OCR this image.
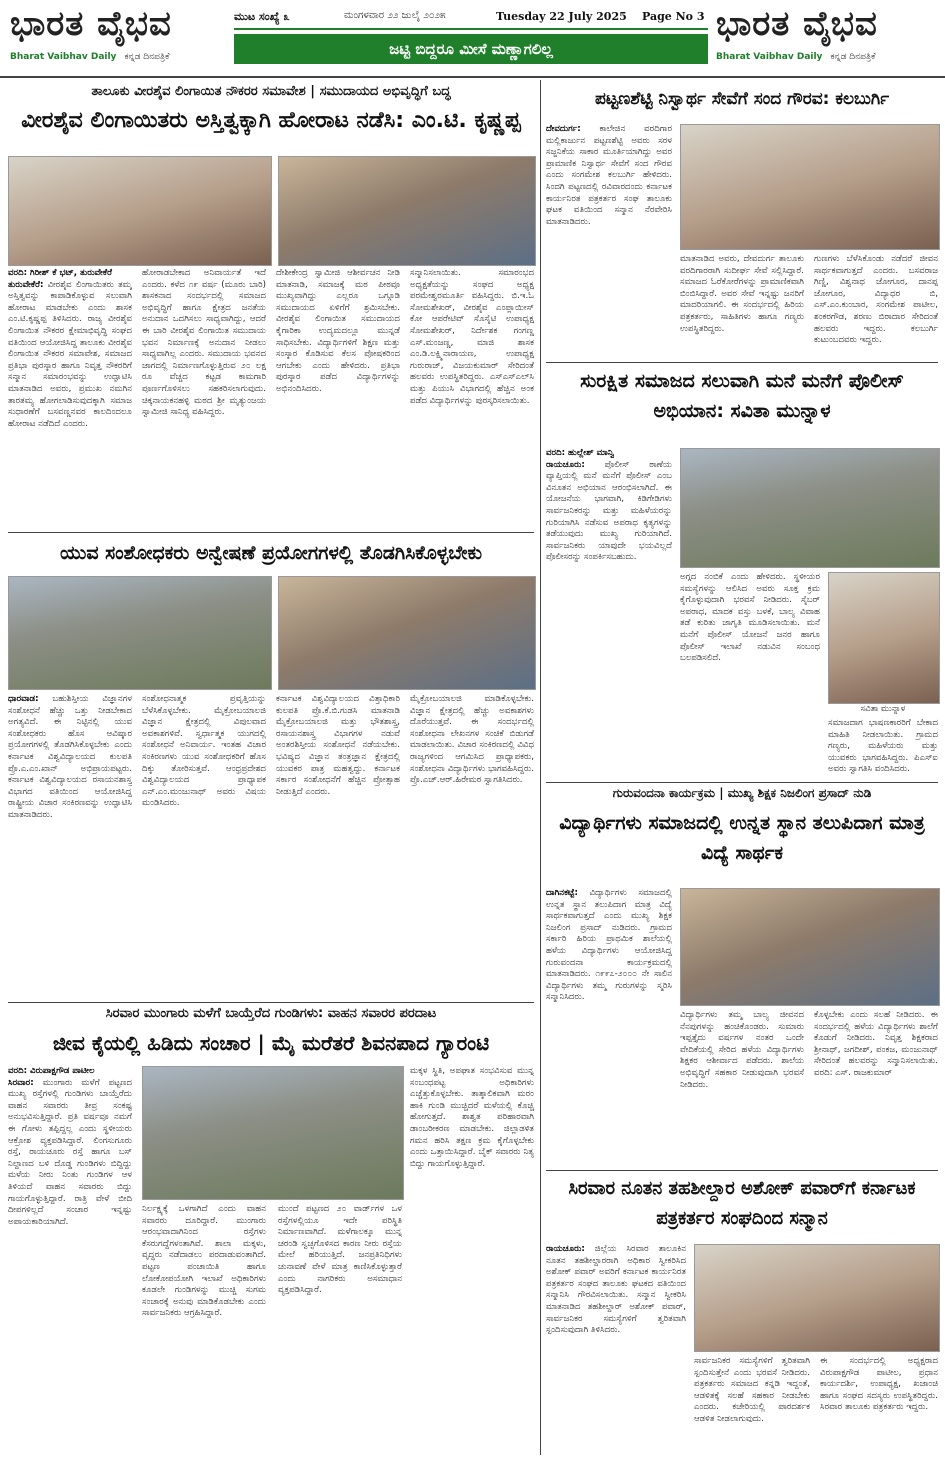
ಭಾರತ ವೈಭವ
Bharat Vaibhav Daily ಕನ್ನಡ ದಿನಪತ್ರಿಕೆ
ಮುಟ ಸಂಖ್ಯೆ ೩	ಮಂಗಳವಾರ ೨೨ ಜುಲೈ ೨೦೨೫	Tuesday 22 July 2025 Page No 3
ಜಟ್ಟಿ ಬಿದ್ದರೂ ಮೀಸೆ ಮಣ್ಣಾಗಲಿಲ್ಲ
ಭಾರತ ವೈಭವ
Bharat Vaibhav Daily ಕನ್ನಡ ದಿನಪತ್ರಿಕೆ
ತಾಲೂಕು ವೀರಶೈವ ಲಿಂಗಾಯಿತ ನೌಕರರ ಸಮಾವೇಶ | ಸಮುದಾಯದ ಅಭಿವೃದ್ಧಿಗೆ ಬದ್ಧ
ವೀರಶೈವ ಲಿಂಗಾಯಿತರು ಅಸ್ತಿತ್ವಕ್ಕಾಗಿ ಹೋರಾಟ ನಡೆಸಿ: ಎಂ.ಟಿ. ಕೃಷ್ಣಪ್ಪ
ವರದಿ: ಗಿರೀಶ್ ಕೆ ಭಟ್, ತುರುವೇಕೆರೆ
ತುರುವೇಕೆರೆ: ವೀರಶೈವ ಲಿಂಗಾಯಿತರು ತಮ್ಮ ಅಸ್ತಿತ್ವವನ್ನು ಕಾಪಾಡಿಕೊಳ್ಳುವ ಸಲುವಾಗಿ ಹೋರಾಟ ಮಾಡಬೇಕು ಎಂದು ಶಾಸಕ ಎಂ.ಟಿ.ಕೃಷ್ಣಪ್ಪ ತಿಳಿಸಿದರು. ರಾಜ್ಯ ವೀರಶೈವ ಲಿಂಗಾಯಿತ ನೌಕರರ ಕ್ಷೇಮಾಭಿವೃದ್ಧಿ ಸಂಘದ ವತಿಯಿಂದ ಆಯೋಜಿಸಿದ್ದ ತಾಲೂಕು ವೀರಶೈವ ಲಿಂಗಾಯಿತ ನೌಕರರ ಸಮಾವೇಶ, ಸಮಾಜದ ಪ್ರತಿಭಾ ಪುರಸ್ಕಾರ ಹಾಗೂ ನಿವೃತ್ತ ನೌಕರರಿಗೆ ಸನ್ಮಾನ ಸಮಾರಂಭವನ್ನು ಉದ್ಘಾಟಿಸಿ ಮಾತನಾಡಿದ ಅವರು, ಪ್ರಮುಖ ನಮಗಿನ ತಾರತಮ್ಯ ಹೋಗಲಾಡಿಸುವುದಕ್ಕಾಗಿ ಸಮಾಜ ಸುಧಾರಣೆಗೆ ಬಸವಣ್ಣನವರ ಕಾಲದಿಂದಲೂ ಹೋರಾಟ ನಡೆದಿದೆ ಎಂದರು.
ಹೋರಾಡಬೇಕಾದ ಅನಿವಾರ್ಯತೆ ಇದೆ ಎಂದರು. ಕಳೆದ ೧೯ ವರ್ಷ (ಮೂರು ಬಾರಿ) ಶಾಸಕನಾದ ಸಂದರ್ಭದಲ್ಲಿ ಸಮಾಜದ ಅಭಿವೃದ್ಧಿಗೆ ಹಾಗೂ ಕ್ಷೇತ್ರದ ಜನತೆಯ ಅನುದಾನ ಒದಗಿಸಲು ಸಾಧ್ಯವಾಗಿದ್ದು, ಆದರೆ ಈ ಬಾರಿ ವೀರಶೈವ ಲಿಂಗಾಯಿತ ಸಮುದಾಯ ಭವನ ನಿರ್ಮಾಣಕ್ಕೆ ಅನುದಾನ ನೀಡಲು ಸಾಧ್ಯವಾಗಿಲ್ಲ ಎಂದರು. ಸಮುದಾಯ ಭವನದ ಜಾಗದಲ್ಲಿ ನಿರ್ಮಾಣಗೊಳ್ಳುತ್ತಿರುವ ೨೦ ಲಕ್ಷ ರೂ ವೆಚ್ಚದ ಕಟ್ಟಡ ಕಾಮಗಾರಿ ಪೂರ್ಣಗೊಳಿಸಲು ಸಹಕರಿಸಲಾಗುವುದು. ಚಿಕ್ಕನಾಯಕನಹಳ್ಳಿ ಮಠದ ಶ್ರೀ ಮೃತ್ಯುಂಜಯ ಸ್ವಾಮೀಜಿ ಸಾನಿಧ್ಯ ವಹಿಸಿದ್ದರು.
ದೇಶೀಕೇಂದ್ರ ಸ್ವಾಮೀಜಿ ಆಶೀರ್ವಚನ ನೀಡಿ ಮಾತನಾಡಿ, ಸಮಾಜಕ್ಕೆ ಮಠ ಪೀಠವೂ ಮುಖ್ಯವಾಗಿದ್ದು ಎಲ್ಲರೂ ಒಗ್ಗೂಡಿ ಸಮುದಾಯದ ಏಳಿಗೆಗೆ ಶ್ರಮಿಸಬೇಕು. ವೀರಶೈವ ಲಿಂಗಾಯಿತ ಸಮುದಾಯದ ಕೈಗಾರಿಕಾ ಉದ್ಯಮದಲ್ಲೂ ಮುನ್ನಡೆ ಸಾಧಿಸಬೇಕು. ವಿದ್ಯಾರ್ಥಿಗಳಿಗೆ ಶಿಕ್ಷಣ ಮತ್ತು ಸಂಸ್ಕಾರ ಕೊಡಿಸುವ ಕೆಲಸ ಪೋಷಕರಿಂದ ಆಗಬೇಕು ಎಂದು ಹೇಳಿದರು. ಪ್ರತಿಭಾ ಪುರಸ್ಕಾರ ಪಡೆದ ವಿದ್ಯಾರ್ಥಿಗಳನ್ನು ಅಭಿನಂದಿಸಿದರು.
ಸನ್ಮಾನಿಸಲಾಯಿತು. ಸಮಾರಂಭದ ಅಧ್ಯಕ್ಷತೆಯನ್ನು ಸಂಘದ ಅಧ್ಯಕ್ಷ ಪರಮೇಶ್ವರಮೂರ್ತಿ ವಹಿಸಿದ್ದರು. ಬಿ.ಇ.ಓ ಸೋಮಶೇಖರ್, ವೀರಶೈವ ಎಂಪ್ಲಾಯೀಸ್ ಕೋ ಆಪರೇಟಿವ್ ಸೊಸೈಟಿ ಉಪಾಧ್ಯಕ್ಷ ಸೋಮಶೇಖರ್, ನಿರ್ದೇಶಕ ಗಂಗಣ್ಣ ಎಸ್.ಮಂಜಣ್ಣ, ಮಾಜಿ ಶಾಸಕ ಎಂ.ಡಿ.ಲಕ್ಷ್ಮಿನಾರಾಯಣ, ಉಪಾಧ್ಯಕ್ಷ ಗುರುರಾಜ್, ವಿಜಯಕುಮಾರ್ ಸೇರಿದಂತೆ ಹಲವರು ಉಪಸ್ಥಿತರಿದ್ದರು. ಎಸ್ಎಸ್ಎಲ್‌ಸಿ ಮತ್ತು ಪಿಯುಸಿ ವಿಭಾಗದಲ್ಲಿ ಹೆಚ್ಚಿನ ಅಂಕ ಪಡೆದ ವಿದ್ಯಾರ್ಥಿಗಳನ್ನು ಪುರಸ್ಕರಿಸಲಾಯಿತು.
ಯುವ ಸಂಶೋಧಕರು ಅನ್ವೇಷಣೆ ಪ್ರಯೋಗಗಳಲ್ಲಿ ತೊಡಗಿಸಿಕೊಳ್ಳಬೇಕು
ಧಾರವಾಡ: ಬಹುಶಿಸ್ತೀಯ ವಿಜ್ಞಾನಗಳ ಸಂಶೋಧನೆ ಹೆಚ್ಚು ಒತ್ತು ನೀಡಬೇಕಾದ ಅಗತ್ಯವಿದೆ. ಈ ನಿಟ್ಟಿನಲ್ಲಿ ಯುವ ಸಂಶೋಧಕರು ಹೊಸ ಆವಿಷ್ಕಾರ ಪ್ರಯೋಗಗಳಲ್ಲಿ ತೊಡಗಿಸಿಕೊಳ್ಳಬೇಕು ಎಂದು ಕರ್ನಾಟಕ ವಿಶ್ವವಿದ್ಯಾಲಯದ ಕುಲಪತಿ ಪ್ರೊ.ಎ.ಎಂ.ಖಾನ್ ಅಭಿಪ್ರಾಯಪಟ್ಟರು. ಕರ್ನಾಟಕ ವಿಶ್ವವಿದ್ಯಾಲಯದ ರಸಾಯನಶಾಸ್ತ್ರ ವಿಭಾಗದ ವತಿಯಿಂದ ಆಯೋಜಿಸಿದ್ದ ರಾಷ್ಟ್ರೀಯ ವಿಚಾರ ಸಂಕಿರಣವನ್ನು ಉದ್ಘಾಟಿಸಿ ಮಾತನಾಡಿದರು.
ಸಂಶೋಧನಾತ್ಮಕ ಪ್ರವೃತ್ತಿಯನ್ನು ಬೆಳೆಸಿಕೊಳ್ಳಬೇಕು. ಮೈಕ್ರೋಬಯಾಲಜಿ ವಿಜ್ಞಾನ ಕ್ಷೇತ್ರದಲ್ಲಿ ವಿಪುಲವಾದ ಅವಕಾಶಗಳಿವೆ. ಸ್ವರ್ಧಾತ್ಮಕ ಯುಗದಲ್ಲಿ ಸಂಶೋಧನೆ ಅನಿವಾರ್ಯ. ಇಂತಹ ವಿಚಾರ ಸಂಕಿರಣಗಳು ಯುವ ಸಂಶೋಧಕರಿಗೆ ಹೊಸ ದಿಕ್ಕು ತೋರಿಸುತ್ತವೆ. ಆಂಧ್ರಪ್ರದೇಶದ ವಿಶ್ವವಿದ್ಯಾಲಯದ ಪ್ರಾಧ್ಯಾಪಕ ಎನ್.ಎಂ.ಮಂಜುನಾಥ್ ಅವರು ವಿಷಯ ಮಂಡಿಸಿದರು.
ಕರ್ನಾಟಕ ವಿಶ್ವವಿದ್ಯಾಲಯದ ವಿತ್ತಾಧಿಕಾರಿ ಕುಲಪತಿ ಪ್ರೊ.ಕೆ.ಬಿ.ಗುಡಸಿ ಮಾತನಾಡಿ ಮೈಕ್ರೋಬಯಾಲಜಿ ಮತ್ತು ಭೌತಶಾಸ್ತ್ರ, ರಸಾಯನಶಾಸ್ತ್ರ ವಿಭಾಗಗಳ ನಡುವೆ ಅಂತರಶಿಸ್ತೀಯ ಸಂಶೋಧನೆ ನಡೆಯಬೇಕು. ಭವಿಷ್ಯದ ವಿಜ್ಞಾನ ತಂತ್ರಜ್ಞಾನ ಕ್ಷೇತ್ರದಲ್ಲಿ ಯುವಕರ ಪಾತ್ರ ಮಹತ್ವದ್ದು. ಕರ್ನಾಟಕ ಸರ್ಕಾರ ಸಂಶೋಧನೆಗೆ ಹೆಚ್ಚಿನ ಪ್ರೋತ್ಸಾಹ ನೀಡುತ್ತಿದೆ ಎಂದರು.
ಮೈಕ್ರೋಬಯಾಲಜಿ ಮಾಡಿಕೊಳ್ಳಬೇಕು. ವಿಜ್ಞಾನ ಕ್ಷೇತ್ರದಲ್ಲಿ ಹೆಚ್ಚು ಅವಕಾಶಗಳು ದೊರೆಯುತ್ತವೆ. ಈ ಸಂದರ್ಭದಲ್ಲಿ ಸಂಶೋಧನಾ ಲೇಖನಗಳ ಸಂಚಿಕೆ ಬಿಡುಗಡೆ ಮಾಡಲಾಯಿತು. ವಿಚಾರ ಸಂಕಿರಣದಲ್ಲಿ ವಿವಿಧ ರಾಜ್ಯಗಳಿಂದ ಆಗಮಿಸಿದ ಪ್ರಾಧ್ಯಾಪಕರು, ಸಂಶೋಧನಾ ವಿದ್ಯಾರ್ಥಿಗಳು ಭಾಗವಹಿಸಿದ್ದರು. ಪ್ರೊ.ಎಚ್.ಆರ್.ಹಿರೇಮಠ ಸ್ವಾಗತಿಸಿದರು.
ಸಿರವಾರ ಮುಂಗಾರು ಮಳೆಗೆ ಬಾಯ್ತೆರೆದ ಗುಂಡಿಗಳು: ವಾಹನ ಸವಾರರ ಪರದಾಟ
ಜೀವ ಕೈಯಲ್ಲಿ ಹಿಡಿದು ಸಂಚಾರ | ಮೈ ಮರೆತರೆ ಶಿವನಪಾದ ಗ್ಯಾರಂಟಿ
ವರದಿ: ವಿರುಪಾಕ್ಷಗೌಡ ಪಾಟೀಲ
ಸಿರವಾರ: ಮುಂಗಾರು ಮಳೆಗೆ ಪಟ್ಟಣದ ಮುಖ್ಯ ರಸ್ತೆಗಳಲ್ಲಿ ಗುಂಡಿಗಳು ಬಾಯ್ತೆರೆದು ವಾಹನ ಸವಾರರು ತೀವ್ರ ಸಂಕಷ್ಟ ಅನುಭವಿಸುತ್ತಿದ್ದಾರೆ. ಪ್ರತಿ ವರ್ಷವೂ ನಮಗೆ ಈ ಗೋಳು ತಪ್ಪಿದ್ದಲ್ಲ ಎಂದು ಸ್ಥಳೀಯರು ಆಕ್ರೋಶ ವ್ಯಕ್ತಪಡಿಸಿದ್ದಾರೆ. ಲಿಂಗಸುಗೂರು ರಸ್ತೆ, ರಾಯಚೂರು ರಸ್ತೆ ಹಾಗೂ ಬಸ್ ನಿಲ್ದಾಣದ ಬಳಿ ದೊಡ್ಡ ಗುಂಡಿಗಳು ಬಿದ್ದಿದ್ದು ಮಳೆಯ ನೀರು ನಿಂತು ಗುಂಡಿಗಳ ಆಳ ತಿಳಿಯದೆ ವಾಹನ ಸವಾರರು ಬಿದ್ದು ಗಾಯಗೊಳ್ಳುತ್ತಿದ್ದಾರೆ. ರಾತ್ರಿ ವೇಳೆ ಬೀದಿ ದೀಪಗಳಿಲ್ಲದೆ ಸಂಚಾರ ಇನ್ನಷ್ಟು ಅಪಾಯಕಾರಿಯಾಗಿದೆ.
ಮಕ್ಕಳ ಸ್ಥಿತಿ, ಅಪಘಾತ ಸಂಭವಿಸುವ ಮುನ್ನ ಸಂಬಂಧಪಟ್ಟ ಅಧಿಕಾರಿಗಳು ಎಚ್ಚೆತ್ತುಕೊಳ್ಳಬೇಕು. ತಾತ್ಕಾಲಿಕವಾಗಿ ಮರಂ ಹಾಕಿ ಗುಂಡಿ ಮುಚ್ಚಿದರೆ ಮಳೆಯಲ್ಲಿ ಕೊಚ್ಚಿ ಹೋಗುತ್ತದೆ. ಶಾಶ್ವತ ಪರಿಹಾರವಾಗಿ ಡಾಂಬರೀಕರಣ ಮಾಡಬೇಕು. ಜಿಲ್ಲಾಡಳಿತ ಗಮನ ಹರಿಸಿ ತಕ್ಷಣ ಕ್ರಮ ಕೈಗೊಳ್ಳಬೇಕು ಎಂದು ಒತ್ತಾಯಿಸಿದ್ದಾರೆ. ಬೈಕ್ ಸವಾರರು ನಿತ್ಯ ಬಿದ್ದು ಗಾಯಗೊಳ್ಳುತ್ತಿದ್ದಾರೆ.
ನಿರ್ಲಕ್ಷ್ಯಕ್ಕೆ ಒಳಗಾಗಿದೆ ಎಂದು ವಾಹನ ಸವಾರರು ದೂರಿದ್ದಾರೆ. ಮುಂಗಾರು ಆರಂಭವಾದಾಗಿನಿಂದ ರಸ್ತೆಗಳು ಕೆಸರುಗದ್ದೆಗಳಂತಾಗಿವೆ. ಶಾಲಾ ಮಕ್ಕಳು, ವೃದ್ಧರು ನಡೆದಾಡಲು ಪರದಾಡುವಂತಾಗಿದೆ. ಪಟ್ಟಣ ಪಂಚಾಯಿತಿ ಹಾಗೂ ಲೋಕೋಪಯೋಗಿ ಇಲಾಖೆ ಅಧಿಕಾರಿಗಳು ಕೂಡಲೇ ಗುಂಡಿಗಳನ್ನು ಮುಚ್ಚಿ ಸುಗಮ ಸಂಚಾರಕ್ಕೆ ಅನುವು ಮಾಡಿಕೊಡಬೇಕು ಎಂದು ಸಾರ್ವಜನಿಕರು ಆಗ್ರಹಿಸಿದ್ದಾರೆ.
ಮುಂದೆ ಪಟ್ಟಣದ ೨೦ ವಾರ್ಡ್‌ಗಳ ಒಳ ರಸ್ತೆಗಳಲ್ಲಿಯೂ ಇದೇ ಪರಿಸ್ಥಿತಿ ನಿರ್ಮಾಣವಾಗಿದೆ. ಮಳೆಗಾಲಕ್ಕೂ ಮುನ್ನ ಚರಂಡಿ ಸ್ವಚ್ಛಗೊಳಿಸದ ಕಾರಣ ನೀರು ರಸ್ತೆಯ ಮೇಲೆ ಹರಿಯುತ್ತಿದೆ. ಜನಪ್ರತಿನಿಧಿಗಳು ಚುನಾವಣೆ ವೇಳೆ ಮಾತ್ರ ಕಾಣಿಸಿಕೊಳ್ಳುತ್ತಾರೆ ಎಂದು ನಾಗರಿಕರು ಅಸಮಾಧಾನ ವ್ಯಕ್ತಪಡಿಸಿದ್ದಾರೆ.
ಪಟ್ಟಣಶೆಟ್ಟಿ ನಿಸ್ವಾರ್ಥ ಸೇವೆಗೆ ಸಂದ ಗೌರವ: ಕಲಬುರ್ಗಿ
ದೇವದುರ್ಗ: ಕಾಲೇಜಿನ ವರದಿಗಾರ ಮಲ್ಲಿಕಾರ್ಜುನ ಪಟ್ಟಣಶೆಟ್ಟಿ ಅವರು ಸರಳ ಸಜ್ಜನಿಕೆಯ ಸಾಕಾರ ಮೂರ್ತಿಯಾಗಿದ್ದು ಅವರ ಪ್ರಾಮಾಣಿಕ ನಿಸ್ವಾರ್ಥ ಸೇವೆಗೆ ಸಂದ ಗೌರವ ಎಂದು ಸಂಗಮೇಶ ಕಲಬುರ್ಗಿ ಹೇಳಿದರು. ಸಿಂದಗಿ ಪಟ್ಟಣದಲ್ಲಿ ರವಿವಾರದಂದು ಕರ್ನಾಟಕ ಕಾರ್ಯನಿರತ ಪತ್ರಕರ್ತರ ಸಂಘ ತಾಲೂಕು ಘಟಕ ವತಿಯಿಂದ ಸನ್ಮಾನ ನೆರವೇರಿಸಿ ಮಾತನಾಡಿದರು.
ಮಾತನಾಡಿದ ಅವರು, ದೇವದುರ್ಗ ತಾಲೂಕು ವರದಿಗಾರರಾಗಿ ಸುದೀರ್ಘ ಸೇವೆ ಸಲ್ಲಿಸಿದ್ದಾರೆ. ಸಮಾಜದ ಓರೆಕೋರೆಗಳನ್ನು ಪ್ರಾಮಾಣಿಕವಾಗಿ ಬಿಂಬಿಸಿದ್ದಾರೆ. ಅವರ ಸೇವೆ ಇನ್ನಷ್ಟು ಜನರಿಗೆ ಮಾದರಿಯಾಗಲಿ. ಈ ಸಂದರ್ಭದಲ್ಲಿ ಹಿರಿಯ ಪತ್ರಕರ್ತರು, ಸಾಹಿತಿಗಳು ಹಾಗೂ ಗಣ್ಯರು ಉಪಸ್ಥಿತರಿದ್ದರು.
ಗುಣಗಳು ಬೆಳೆಸಿಕೊಂಡು ನಡೆದರೆ ಜೀವನ ಸಾರ್ಥಕವಾಗುತ್ತದೆ ಎಂದರು. ಬಸವರಾಜ ಗಿಣ್ಣಿ, ವಿಶ್ವನಾಥ ಜೋಗೂರ, ದಾನಪ್ಪ ಜೋಗೂರ, ವಿದ್ಯಾಧರ ಬಿ, ಎಸ್.ಎಂ.ಕುಂಬಾರ, ಸಂಗಮೇಶ ಪಾಟೀಲ, ಶಂಕರಗೌಡ, ಶರಣು ಬಿರಾದಾರ ಸೇರಿದಂತೆ ಹಲವರು ಇದ್ದರು. ಕಲಬುರ್ಗಿ ಕುಟುಂಬದವರು ಇದ್ದರು.
ಸುರಕ್ಷಿತ ಸಮಾಜದ ಸಲುವಾಗಿ ಮನೆ ಮನೆಗೆ ಪೊಲೀಸ್ ಅಭಿಯಾನ: ಸವಿತಾ ಮುನ್ನಾಳ
ವರದಿ: ಹುಲ್ಲೇಶ್ ಮಾನ್ವಿ
ರಾಯಚೂರು: ಪೊಲೀಸ್ ಠಾಣೆಯ ವ್ಯಾಪ್ತಿಯಲ್ಲಿ ಮನೆ ಮನೆಗೆ ಪೊಲೀಸ್ ಎಂಬ ವಿನೂತನ ಅಭಿಯಾನ ಆರಂಭಿಸಲಾಗಿದೆ. ಈ ಯೋಜನೆಯ ಭಾಗವಾಗಿ, ಕಿಡಿಗೇಡಿಗಳು ಸಾರ್ವಜನಿಕರನ್ನು ಮತ್ತು ಮಹಿಳೆಯರನ್ನು ಗುರಿಯಾಗಿಸಿ ನಡೆಸುವ ಅಪರಾಧ ಕೃತ್ಯಗಳನ್ನು ತಡೆಯುವುದು ಮುಖ್ಯ ಗುರಿಯಾಗಿದೆ. ಸಾರ್ವಜನಿಕರು ಯಾವುದೇ ಭಯವಿಲ್ಲದೆ ಪೊಲೀಸರನ್ನು ಸಂಪರ್ಕಿಸಬಹುದು.
ಅಗ್ಗದ ನಂಬಿಕೆ ಎಂದು ಹೇಳಿದರು. ಸ್ಥಳೀಯರ ಸಮಸ್ಯೆಗಳನ್ನು ಆಲಿಸಿದ ಅವರು ಸೂಕ್ತ ಕ್ರಮ ಕೈಗೊಳ್ಳುವುದಾಗಿ ಭರವಸೆ ನೀಡಿದರು. ಸೈಬರ್ ಅಪರಾಧ, ಮಾದಕ ವಸ್ತು ಬಳಕೆ, ಬಾಲ್ಯ ವಿವಾಹ ತಡೆ ಕುರಿತು ಜಾಗೃತಿ ಮೂಡಿಸಲಾಯಿತು. ಮನೆ ಮನೆಗೆ ಪೊಲೀಸ್ ಯೋಜನೆ ಜನರ ಹಾಗೂ ಪೊಲೀಸ್ ಇಲಾಖೆ ನಡುವಿನ ಸಂಬಂಧ ಬಲಪಡಿಸಲಿದೆ.
ಸವಿತಾ ಮುನ್ನಾಳ
ಸಮಾಜದಾಗ ಭಾಷಣಕಾರರಿಗೆ ಬೇಕಾದ ಮಾಹಿತಿ ನೀಡಲಾಯಿತು. ಗ್ರಾಮದ ಗಣ್ಯರು, ಮಹಿಳೆಯರು ಮತ್ತು ಯುವಕರು ಭಾಗವಹಿಸಿದ್ದರು. ಪಿಎಸ್‌ಐ ಅವರು ಸ್ವಾಗತಿಸಿ ವಂದಿಸಿದರು.
ಗುರುವಂದನಾ ಕಾರ್ಯಕ್ರಮ | ಮುಖ್ಯ ಶಿಕ್ಷಕ ನಿಜಲಿಂಗ ಪ್ರಸಾದ್ ನುಡಿ
ವಿದ್ಯಾರ್ಥಿಗಳು ಸಮಾಜದಲ್ಲಿ ಉನ್ನತ ಸ್ಥಾನ ತಲುಪಿದಾಗ ಮಾತ್ರ ವಿದ್ಯೆ ಸಾರ್ಥಕ
ದಾಗಿನಕಟ್ಟೆ: ವಿದ್ಯಾರ್ಥಿಗಳು ಸಮಾಜದಲ್ಲಿ ಉನ್ನತ ಸ್ಥಾನ ತಲುಪಿದಾಗ ಮಾತ್ರ ವಿದ್ಯೆ ಸಾರ್ಥಕವಾಗುತ್ತದೆ ಎಂದು ಮುಖ್ಯ ಶಿಕ್ಷಕ ನಿಜಲಿಂಗ ಪ್ರಸಾದ್ ನುಡಿದರು. ಗ್ರಾಮದ ಸರ್ಕಾರಿ ಹಿರಿಯ ಪ್ರಾಥಮಿಕ ಶಾಲೆಯಲ್ಲಿ ಹಳೆಯ ವಿದ್ಯಾರ್ಥಿಗಳು ಆಯೋಜಿಸಿದ್ದ ಗುರುವಂದನಾ ಕಾರ್ಯಕ್ರಮದಲ್ಲಿ ಮಾತನಾಡಿದರು. ೧೯೯೭-೨೦೦೦ ನೇ ಸಾಲಿನ ವಿದ್ಯಾರ್ಥಿಗಳು ತಮ್ಮ ಗುರುಗಳನ್ನು ಸ್ಮರಿಸಿ ಸನ್ಮಾನಿಸಿದರು.
ವಿದ್ಯಾರ್ಥಿಗಳು ತಮ್ಮ ಬಾಲ್ಯ ಜೀವನದ ನೆನಪುಗಳನ್ನು ಹಂಚಿಕೊಂಡರು. ಸುಮಾರು ಇಪ್ಪತ್ತೈದು ವರ್ಷಗಳ ನಂತರ ಒಂದೇ ವೇದಿಕೆಯಲ್ಲಿ ಸೇರಿದ ಹಳೆಯ ವಿದ್ಯಾರ್ಥಿಗಳು ಶಿಕ್ಷಕರ ಆಶೀರ್ವಾದ ಪಡೆದರು. ಶಾಲೆಯ ಅಭಿವೃದ್ಧಿಗೆ ಸಹಕಾರ ನೀಡುವುದಾಗಿ ಭರವಸೆ ನೀಡಿದರು.
ಕೊಳ್ಳಬೇಕು ಎಂದು ಸಲಹೆ ನೀಡಿದರು. ಈ ಸಂದರ್ಭದಲ್ಲಿ ಹಳೆಯ ವಿದ್ಯಾರ್ಥಿಗಳು ಶಾಲೆಗೆ ಕೊಡುಗೆ ನೀಡಿದರು. ನಿವೃತ್ತ ಶಿಕ್ಷಕರಾದ ಶ್ರೀನಾಥ್, ಜಗದೀಶ್, ಪಂಕಜ, ಮಂಜುನಾಥ್ ಸೇರಿದಂತೆ ಹಲವರನ್ನು ಸನ್ಮಾನಿಸಲಾಯಿತು. ವರದಿ: ಎಸ್. ರಾಜಕುಮಾರ್
ಸಿರವಾರ ನೂತನ ತಹಶೀಲ್ದಾರ ಅಶೋಕ್ ಪವಾರ್‌ಗೆ ಕರ್ನಾಟಕ ಪತ್ರಕರ್ತರ ಸಂಘದಿಂದ ಸನ್ಮಾನ
ರಾಯಚೂರು: ಜಿಲ್ಲೆಯ ಸಿರವಾರ ತಾಲೂಕಿನ ನೂತನ ತಹಶೀಲ್ದಾರರಾಗಿ ಅಧಿಕಾರ ಸ್ವೀಕರಿಸಿದ ಅಶೋಕ್ ಪವಾರ್ ಅವರಿಗೆ ಕರ್ನಾಟಕ ಕಾರ್ಯನಿರತ ಪತ್ರಕರ್ತರ ಸಂಘದ ತಾಲೂಕು ಘಟಕದ ವತಿಯಿಂದ ಸನ್ಮಾನಿಸಿ ಗೌರವಿಸಲಾಯಿತು. ಸನ್ಮಾನ ಸ್ವೀಕರಿಸಿ ಮಾತನಾಡಿದ ತಹಶೀಲ್ದಾರ್ ಅಶೋಕ್ ಪವಾರ್, ಸಾರ್ವಜನಿಕರ ಸಮಸ್ಯೆಗಳಿಗೆ ತ್ವರಿತವಾಗಿ ಸ್ಪಂದಿಸುವುದಾಗಿ ತಿಳಿಸಿದರು.
ಸಾರ್ವಜನಿಕರ ಸಮಸ್ಯೆಗಳಿಗೆ ತ್ವರಿತವಾಗಿ ಸ್ಪಂದಿಸುತ್ತೇನೆ ಎಂದು ಭರವಸೆ ನೀಡಿದರು. ಪತ್ರಕರ್ತರು ಸಮಾಜದ ಕನ್ನಡಿ ಇದ್ದಂತೆ, ಆಡಳಿತಕ್ಕೆ ಸಲಹೆ ಸಹಕಾರ ನೀಡಬೇಕು ಎಂದರು. ಕಚೇರಿಯಲ್ಲಿ ಪಾರದರ್ಶಕ ಆಡಳಿತ ನೀಡಲಾಗುವುದು.
ಈ ಸಂದರ್ಭದಲ್ಲಿ ಅಧ್ಯಕ್ಷರಾದ ವಿರುಪಾಕ್ಷಗೌಡ ಪಾಟೀಲ, ಪ್ರಧಾನ ಕಾರ್ಯದರ್ಶಿ, ಉಪಾಧ್ಯಕ್ಷ, ಖಜಾಂಚಿ ಹಾಗೂ ಸಂಘದ ಸದಸ್ಯರು ಉಪಸ್ಥಿತರಿದ್ದರು. ಸಿರವಾರ ತಾಲೂಕು ಪತ್ರಕರ್ತರು ಇದ್ದರು.
